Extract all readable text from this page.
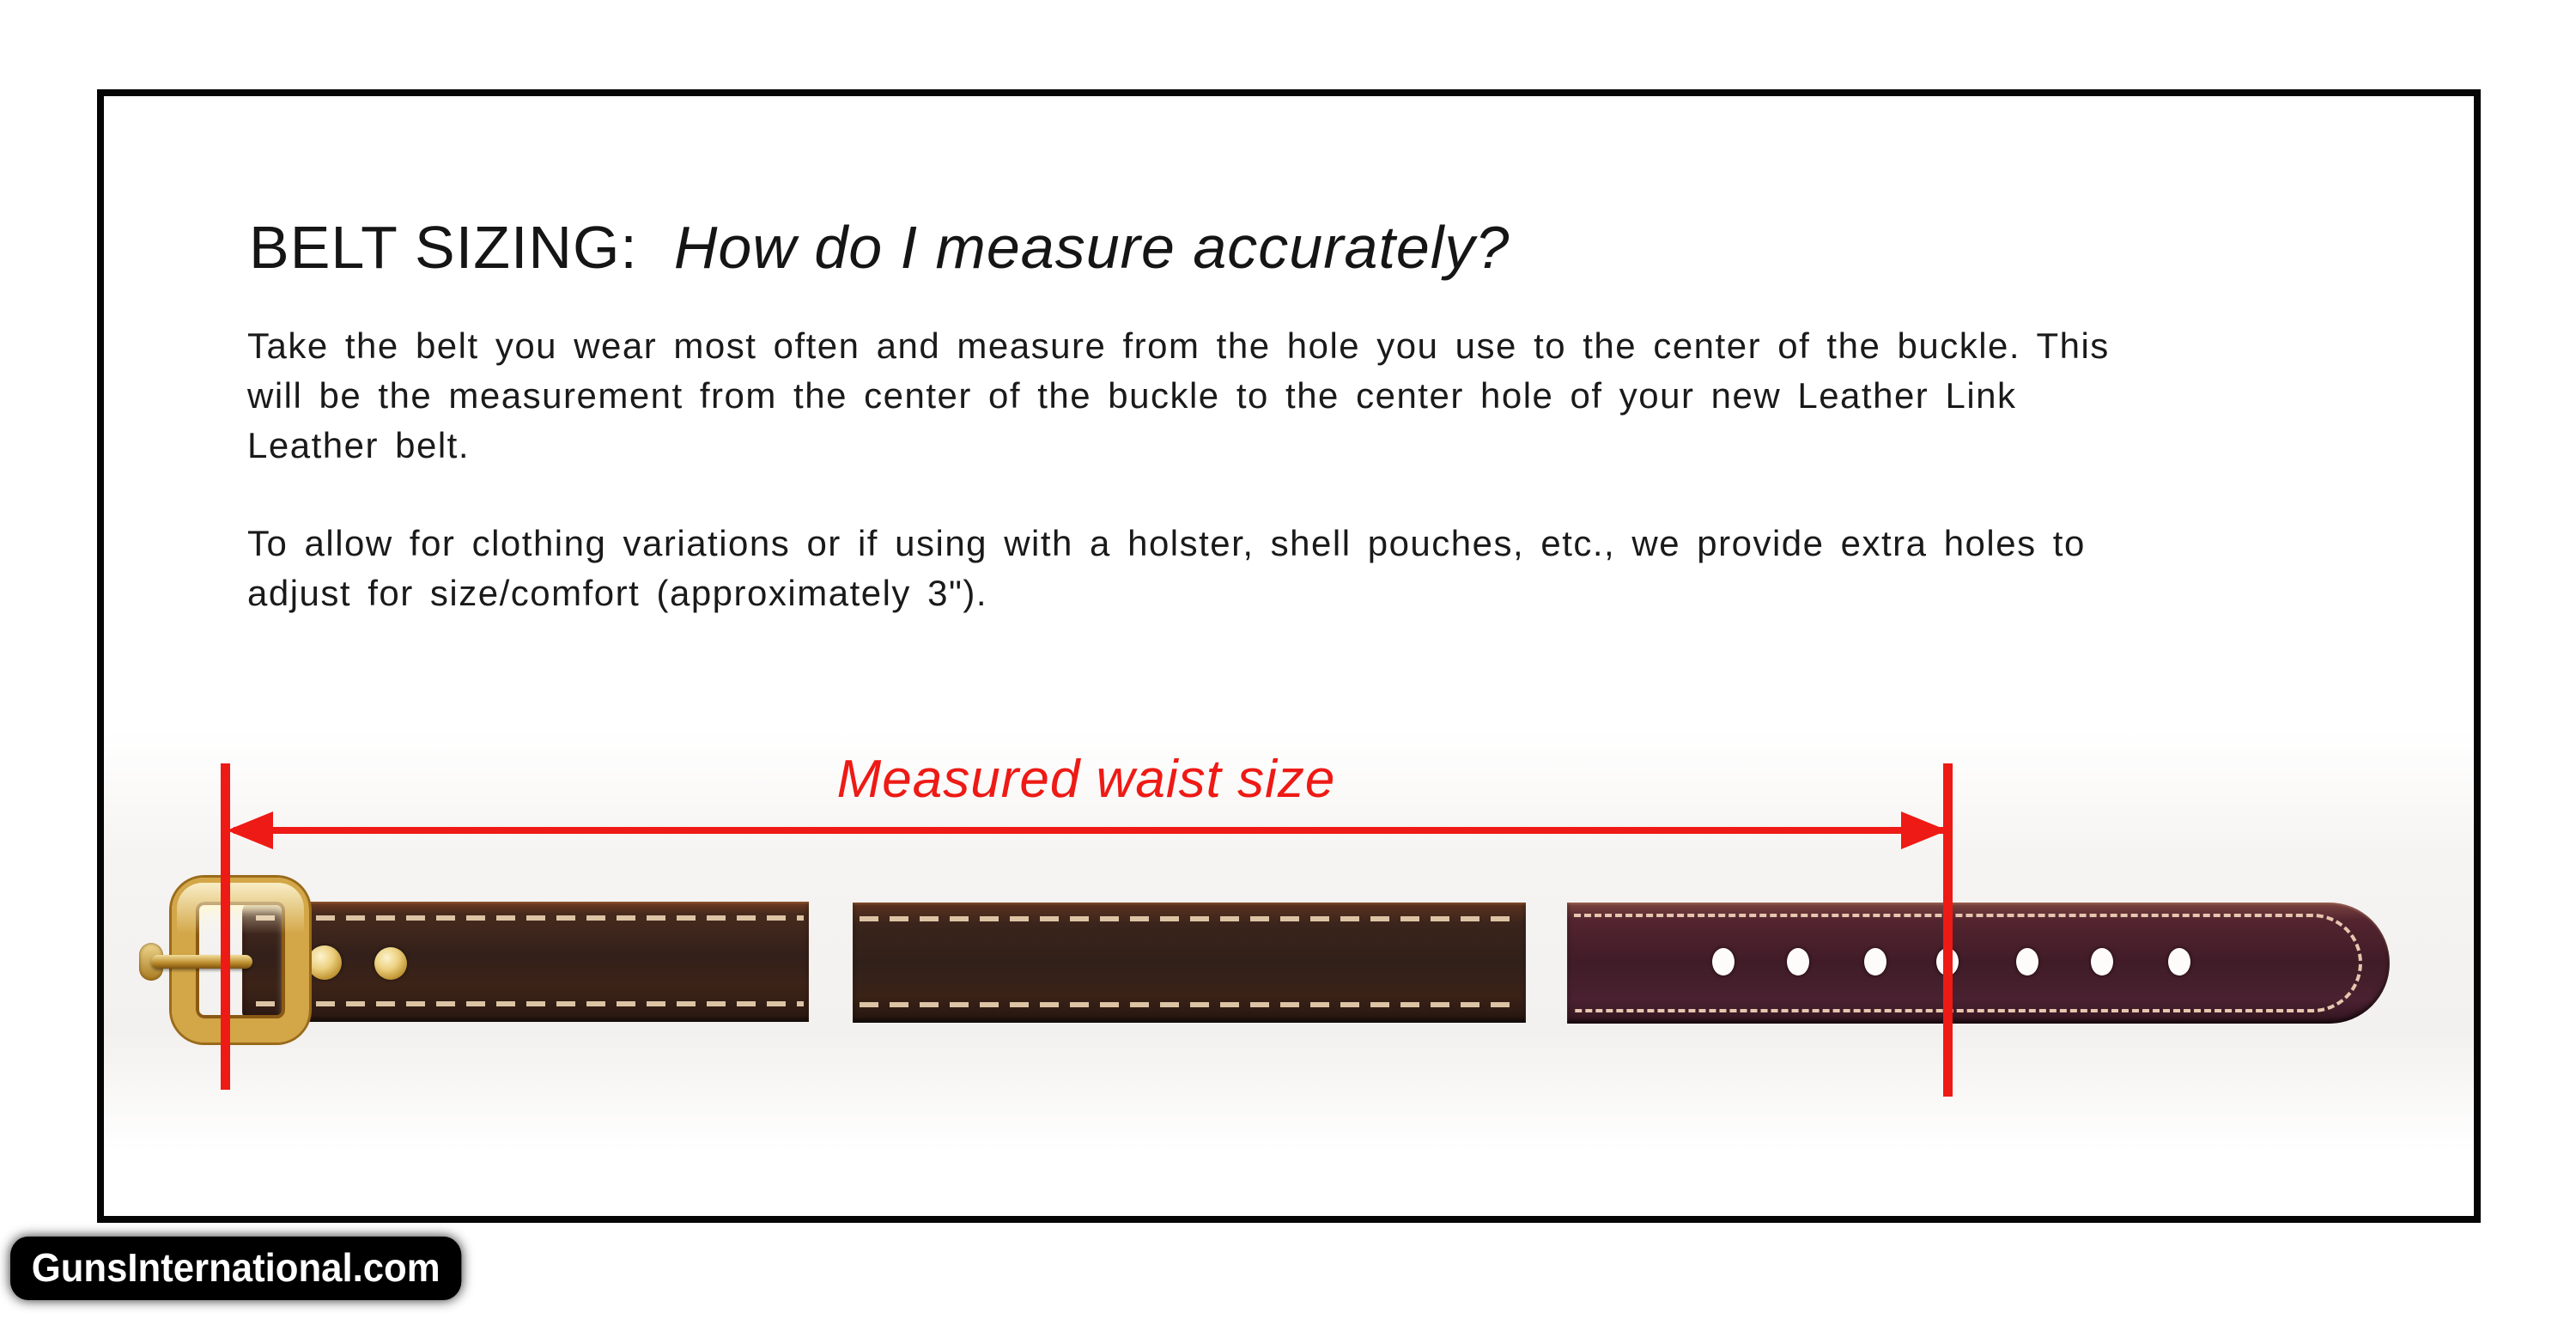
BELT SIZING: How do I measure accurately?
Take the belt you wear most often and measure from the hole you use to the center of the buckle. This
will be the measurement from the center of the buckle to the center hole of your new Leather Link
Leather belt.
To allow for clothing variations or if using with a holster, shell pouches, etc., we provide extra holes to
adjust for size/comfort (approximately 3").
Measured waist size
GunsInternational.com
